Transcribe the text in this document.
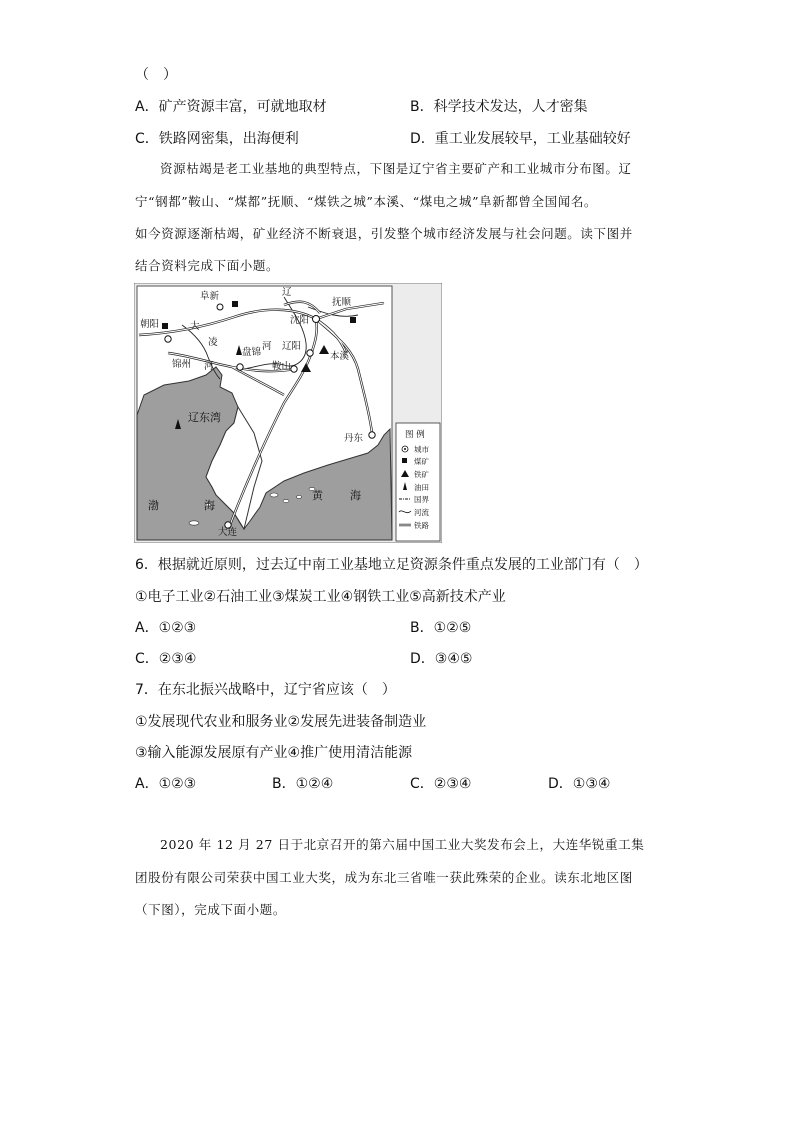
（　）
A．矿产资源丰富，可就地取材	B．科学技术发达，人才密集
C．铁路网密集，出海便利	D．重工业发展较早，工业基础较好
资源枯竭是老工业基地的典型特点，下图是辽宁省主要矿产和工业城市分布图。辽
宁“钢都”鞍山、“煤都”抚顺、“煤铁之城”本溪、“煤电之城”阜新都曾全国闻名。
如今资源逐渐枯竭，矿业经济不断衰退，引发整个城市经济发展与社会问题。读下图并
结合资料完成下面小题。
阜新
抚顺
沈阳
朝阳
辽阳
本溪
盘锦
锦州	鞍山
丹东
大连
辽
大
凌	河
河
辽东湾
渤	海
黄 海
图 例
城市
煤矿
铁矿
油田
国界
河流
铁路
6．根据就近原则，过去辽中南工业基地立足资源条件重点发展的工业部门有（　）
①电子工业②石油工业③煤炭工业④钢铁工业⑤高新技术产业
A．①②③	B．①②⑤
C．②③④	D．③④⑤
7．在东北振兴战略中，辽宁省应该（　）
①发展现代农业和服务业②发展先进装备制造业
③输入能源发展原有产业④推广使用清洁能源
A．①②③	B．①②④	C．②③④	D．①③④
2020 年 12 月 27 日于北京召开的第六届中国工业大奖发布会上，大连华锐重工集
团股份有限公司荣获中国工业大奖，成为东北三省唯一获此殊荣的企业。读东北地区图
（下图），完成下面小题。
